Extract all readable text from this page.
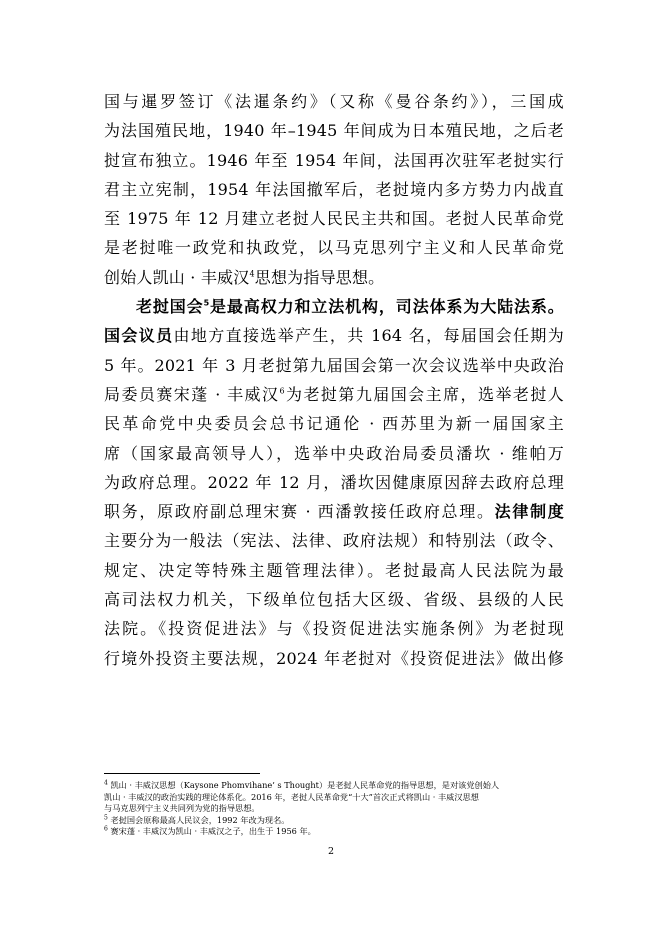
国与暹罗签订《法暹条约》（又称《曼谷条约》），三国成
为法国殖民地，1940 年–1945 年间成为日本殖民地，之后老
挝宣布独立。1946 年至 1954 年间，法国再次驻军老挝实行
君主立宪制，1954 年法国撤军后，老挝境内多方势力内战直
至 1975 年 12 月建立老挝人民民主共和国。老挝人民革命党
是老挝唯一政党和执政党，以马克思列宁主义和人民革命党
创始人凯山 · 丰威汉$^4$思想为指导思想。
老挝国会$^5$是最高权力和立法机构，司法体系为大陆法系。
国会议员由地方直接选举产生，共 164 名，每届国会任期为
5 年。2021 年 3 月老挝第九届国会第一次会议选举中央政治
局委员赛宋蓬 · 丰威汉$^6$为老挝第九届国会主席，选举老挝人
民革命党中央委员会总书记通伦 · 西苏里为新一届国家主
席（国家最高领导人），选举中央政治局委员潘坎 · 维帕万
为政府总理。2022 年 12 月，潘坎因健康原因辞去政府总理
职务，原政府副总理宋赛 · 西潘敦接任政府总理。法律制度
主要分为一般法（宪法、法律、政府法规）和特别法（政令、
规定、决定等特殊主题管理法律）。老挝最高人民法院为最
高司法权力机关，下级单位包括大区级、省级、县级的人民
法院。《投资促进法》与《投资促进法实施条例》为老挝现
行境外投资主要法规，2024 年老挝对《投资促进法》做出修
$^4$ 凯山 · 丰威汉思想（Kaysone Phomvihane’ s Thought）是老挝人民革命党的指导思想，是对该党创始人
凯山 · 丰威汉的政治实践的理论体系化。2016 年，老挝人民革命党“十大”首次正式将凯山 · 丰威汉思想
与马克思列宁主义共同列为党的指导思想。
$^5$ 老挝国会原称最高人民议会，1992 年改为现名。
$^6$ 赛宋蓬 · 丰威汉为凯山 · 丰威汉之子，出生于 1956 年。
2
